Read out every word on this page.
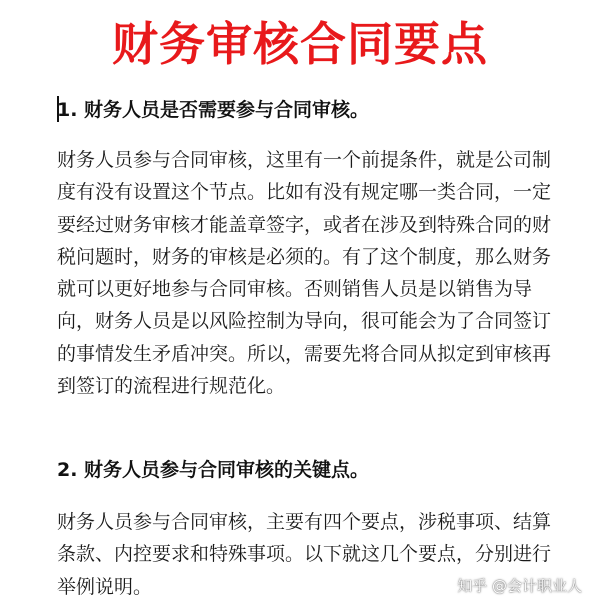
财务审核合同要点
1. 财务人员是否需要参与合同审核。
财务人员参与合同审核，这里有一个前提条件，就是公司制
度有没有设置这个节点。比如有没有规定哪一类合同，一定
要经过财务审核才能盖章签字，或者在涉及到特殊合同的财
税问题时，财务的审核是必须的。有了这个制度，那么财务
就可以更好地参与合同审核。否则销售人员是以销售为导
向，财务人员是以风险控制为导向，很可能会为了合同签订
的事情发生矛盾冲突。所以，需要先将合同从拟定到审核再
到签订的流程进行规范化。
2. 财务人员参与合同审核的关键点。
财务人员参与合同审核，主要有四个要点，涉税事项、结算
条款、内控要求和特殊事项。以下就这几个要点，分别进行
举例说明。	知乎 @会计职业人
